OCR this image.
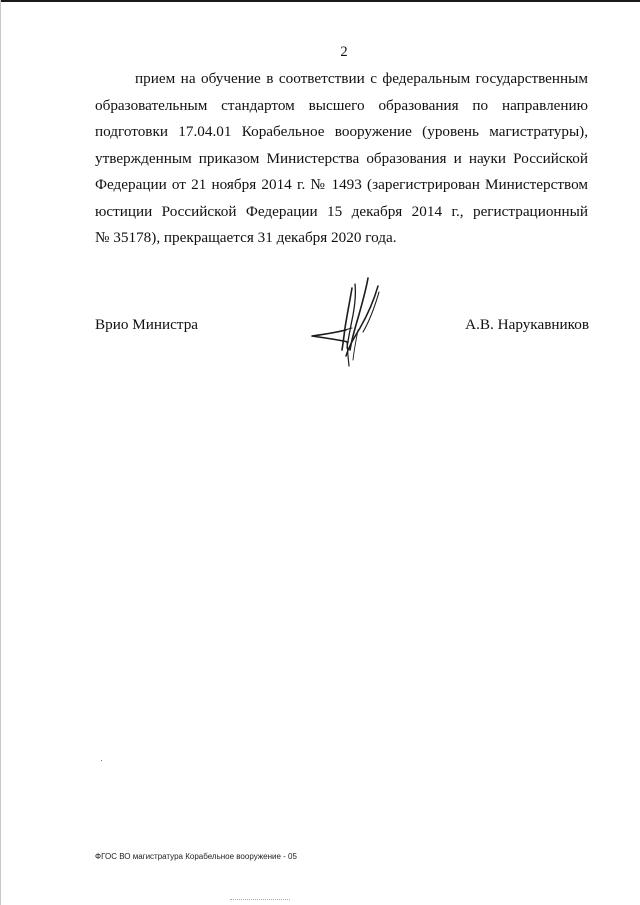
2
прием на обучение в соответствии с федеральным государственным
образовательным стандартом высшего образования по направлению
подготовки 17.04.01 Корабельное вооружение (уровень магистратуры),
утвержденным приказом Министерства образования и науки Российской
Федерации от 21 ноября 2014 г. № 1493 (зарегистрирован Министерством
юстиции Российской Федерации 15 декабря 2014 г., регистрационный
№ 35178), прекращается 31 декабря 2020 года.
Врио Министра	А.В. Нарукавников
ФГОС ВО магистратура Корабельное вооружение - 05
